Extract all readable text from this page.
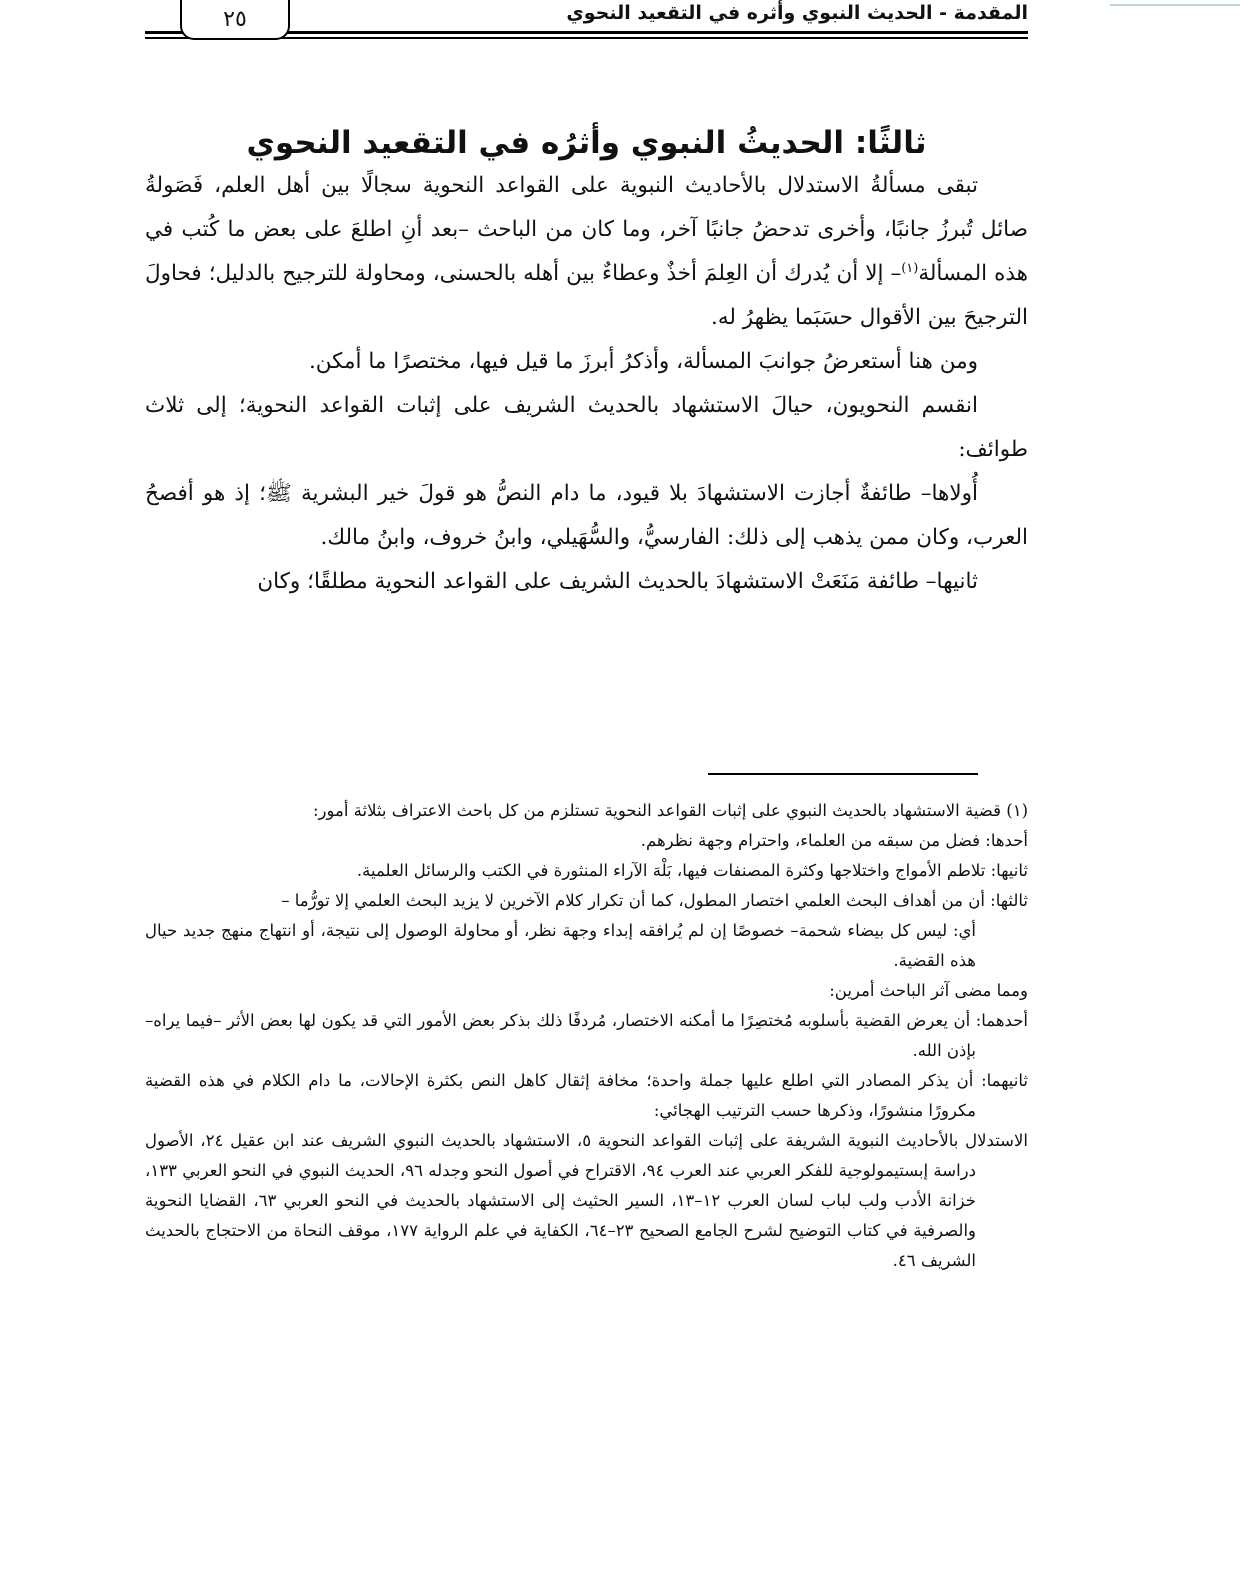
المقدمة - الحديث النبوي وأثره في التقعيد النحوي
٢٥
ثالثًا: الحديثُ النبوي وأثرُه في التقعيد النحوي

تبقى مسألةُ الاستدلال بالأحاديث النبوية على القواعد النحوية سجالًا بين أهل العلم، فَصَولةُ صائل تُبرزُ جانبًا، وأخرى تدحضُ جانبًا آخر، وما كان من الباحث –بعد أنِ اطلعَ على بعض ما كُتب في هذه المسألة$^{(١)}$– إلا أن يُدرك أن العِلمَ أخذٌ وعطاءٌ بين أهله بالحسنى، ومحاولة للترجيح بالدليل؛ فحاولَ الترجيحَ بين الأقوال حسَبَما يظهرُ له.

ومن هنا أستعرضُ جوانبَ المسألة، وأذكرُ أبرزَ ما قيل فيها، مختصرًا ما أمكن.

انقسم النحويون، حيالَ الاستشهاد بالحديث الشريف على إثبات القواعد النحوية؛ إلى ثلاث طوائف:

أُولاها– طائفةٌ أجازت الاستشهادَ بلا قيود، ما دام النصُّ هو قولَ خير البشرية ﷺ؛ إذ هو أفصحُ العرب، وكان ممن يذهب إلى ذلك: الفارسيُّ، والسُّهَيلي، وابنُ خروف، وابنُ مالك.

ثانيها– طائفة مَنَعَتْ الاستشهادَ بالحديث الشريف على القواعد النحوية مطلقًا؛ وكان

(١) قضية الاستشهاد بالحديث النبوي على إثبات القواعد النحوية تستلزم من كل باحث الاعتراف بثلاثة أمور:

أحدها: فضل من سبقه من العلماء، واحترام وجهة نظرهم.

ثانيها: تلاطم الأمواج واختلاجها وكثرة المصنفات فيها، بَلْهَ الآراء المنثورة في الكتب والرسائل العلمية.

ثالثها: أن من أهداف البحث العلمي اختصار المطول، كما أن تكرار كلام الآخرين لا يزيد البحث العلمي إلا تورُّما –

أي: ليس كل بيضاء شحمة– خصوصًا إن لم يُرافقه إبداء وجهة نظر، أو محاولة الوصول إلى نتيجة، أو انتهاج منهج جديد حيال هذه القضية.

ومما مضى آثر الباحث أمرين:

أحدهما: أن يعرض القضية بأسلوبه مُختصِرًا ما أمكنه الاختصار، مُردفًا ذلك بذكر بعض الأمور التي قد يكون لها بعض الأثر –فيما يراه– بإذن الله.

ثانيهما: أن يذكر المصادر التي اطلع عليها جملة واحدة؛ مخافة إثقال كاهل النص بكثرة الإحالات، ما دام الكلام في هذه القضية مكرورًا منشورًا، وذكرها حسب الترتيب الهجائي:

الاستدلال بالأحاديث النبوية الشريفة على إثبات القواعد النحوية ٥، الاستشهاد بالحديث النبوي الشريف عند ابن عقيل ٢٤، الأصول دراسة إبستيمولوجية للفكر العربي عند العرب ٩٤، الاقتراح في أصول النحو وجدله ٩٦، الحديث النبوي في النحو العربي ١٣٣، خزانة الأدب ولب لباب لسان العرب ١٢–١٣، السير الحثيث إلى الاستشهاد بالحديث في النحو العربي ٦٣، القضايا النحوية والصرفية في كتاب التوضيح لشرح الجامع الصحيح ٢٣–٦٤، الكفاية في علم الرواية ١٧٧، موقف النحاة من الاحتجاج بالحديث الشريف ٤٦.
